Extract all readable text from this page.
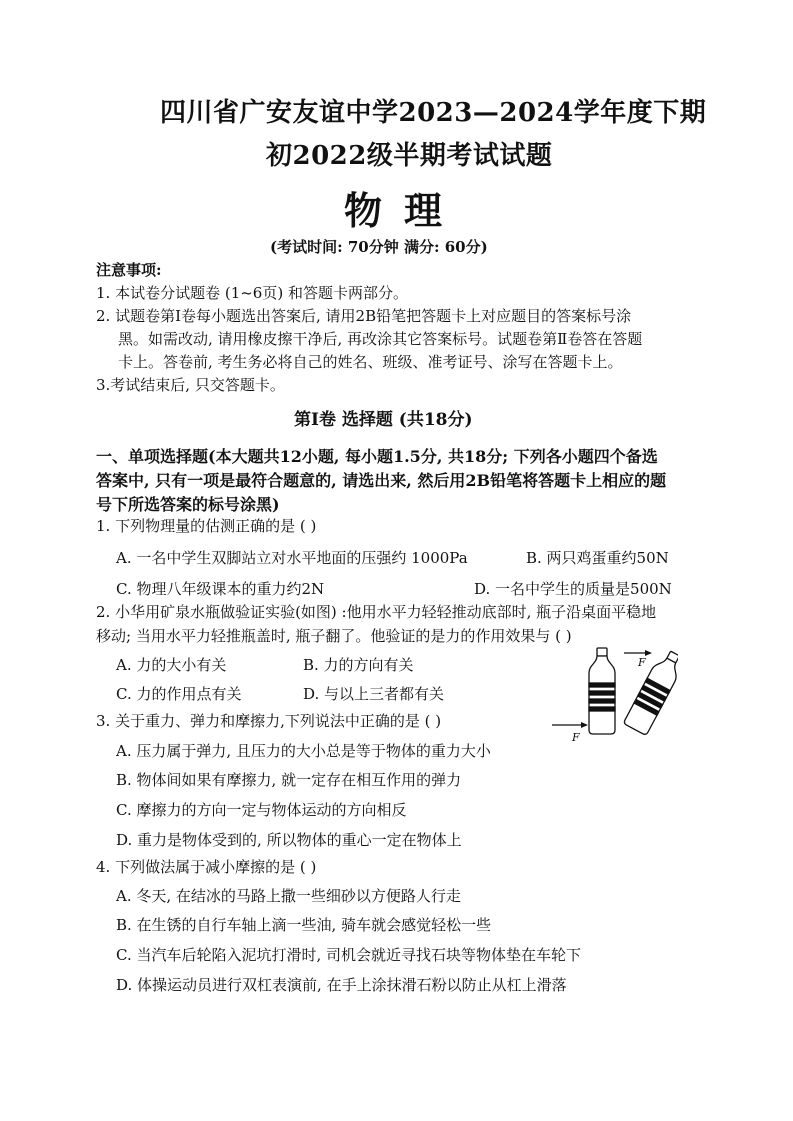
四川省广安友谊中学2023—2024学年度下期
初2022级半期考试试题
物理
(考试时间: 70分钟 满分: 60分)
注意事项:
1. 本试卷分试题卷 (1~6页) 和答题卡两部分。
2. 试题卷第Ⅰ卷每小题选出答案后, 请用2B铅笔把答题卡上对应题目的答案标号涂
黑。如需改动, 请用橡皮擦干净后, 再改涂其它答案标号。试题卷第Ⅱ卷答在答题
卡上。答卷前, 考生务必将自己的姓名、班级、准考证号、涂写在答题卡上。
3.考试结束后, 只交答题卡。
第Ⅰ卷 选择题 (共18分)
一、单项选择题(本大题共12小题, 每小题1.5分, 共18分; 下列各小题四个备选
答案中, 只有一项是最符合题意的, 请选出来, 然后用2B铅笔将答题卡上相应的题
号下所选答案的标号涂黑)
1. 下列物理量的估测正确的是 ( )
A. 一名中学生双脚站立对水平地面的压强约 1000Pa	B. 两只鸡蛋重约50N
C. 物理八年级课本的重力约2N	D. 一名中学生的质量是500N
2. 小华用矿泉水瓶做验证实验(如图) :他用水平力轻轻推动底部时, 瓶子沿桌面平稳地
移动; 当用水平力轻推瓶盖时, 瓶子翻了。他验证的是力的作用效果与 ( )
A. 力的大小有关	B. 力的方向有关
C. 力的作用点有关	D. 与以上三者都有关
F
F
3. 关于重力、弹力和摩擦力,下列说法中正确的是 ( )
A. 压力属于弹力, 且压力的大小总是等于物体的重力大小
B. 物体间如果有摩擦力, 就一定存在相互作用的弹力
C. 摩擦力的方向一定与物体运动的方向相反
D. 重力是物体受到的, 所以物体的重心一定在物体上
4. 下列做法属于减小摩擦的是 ( )
A. 冬天, 在结冰的马路上撒一些细砂以方便路人行走
B. 在生锈的自行车轴上滴一些油, 骑车就会感觉轻松一些
C. 当汽车后轮陷入泥坑打滑时, 司机会就近寻找石块等物体垫在车轮下
D. 体操运动员进行双杠表演前, 在手上涂抹滑石粉以防止从杠上滑落
